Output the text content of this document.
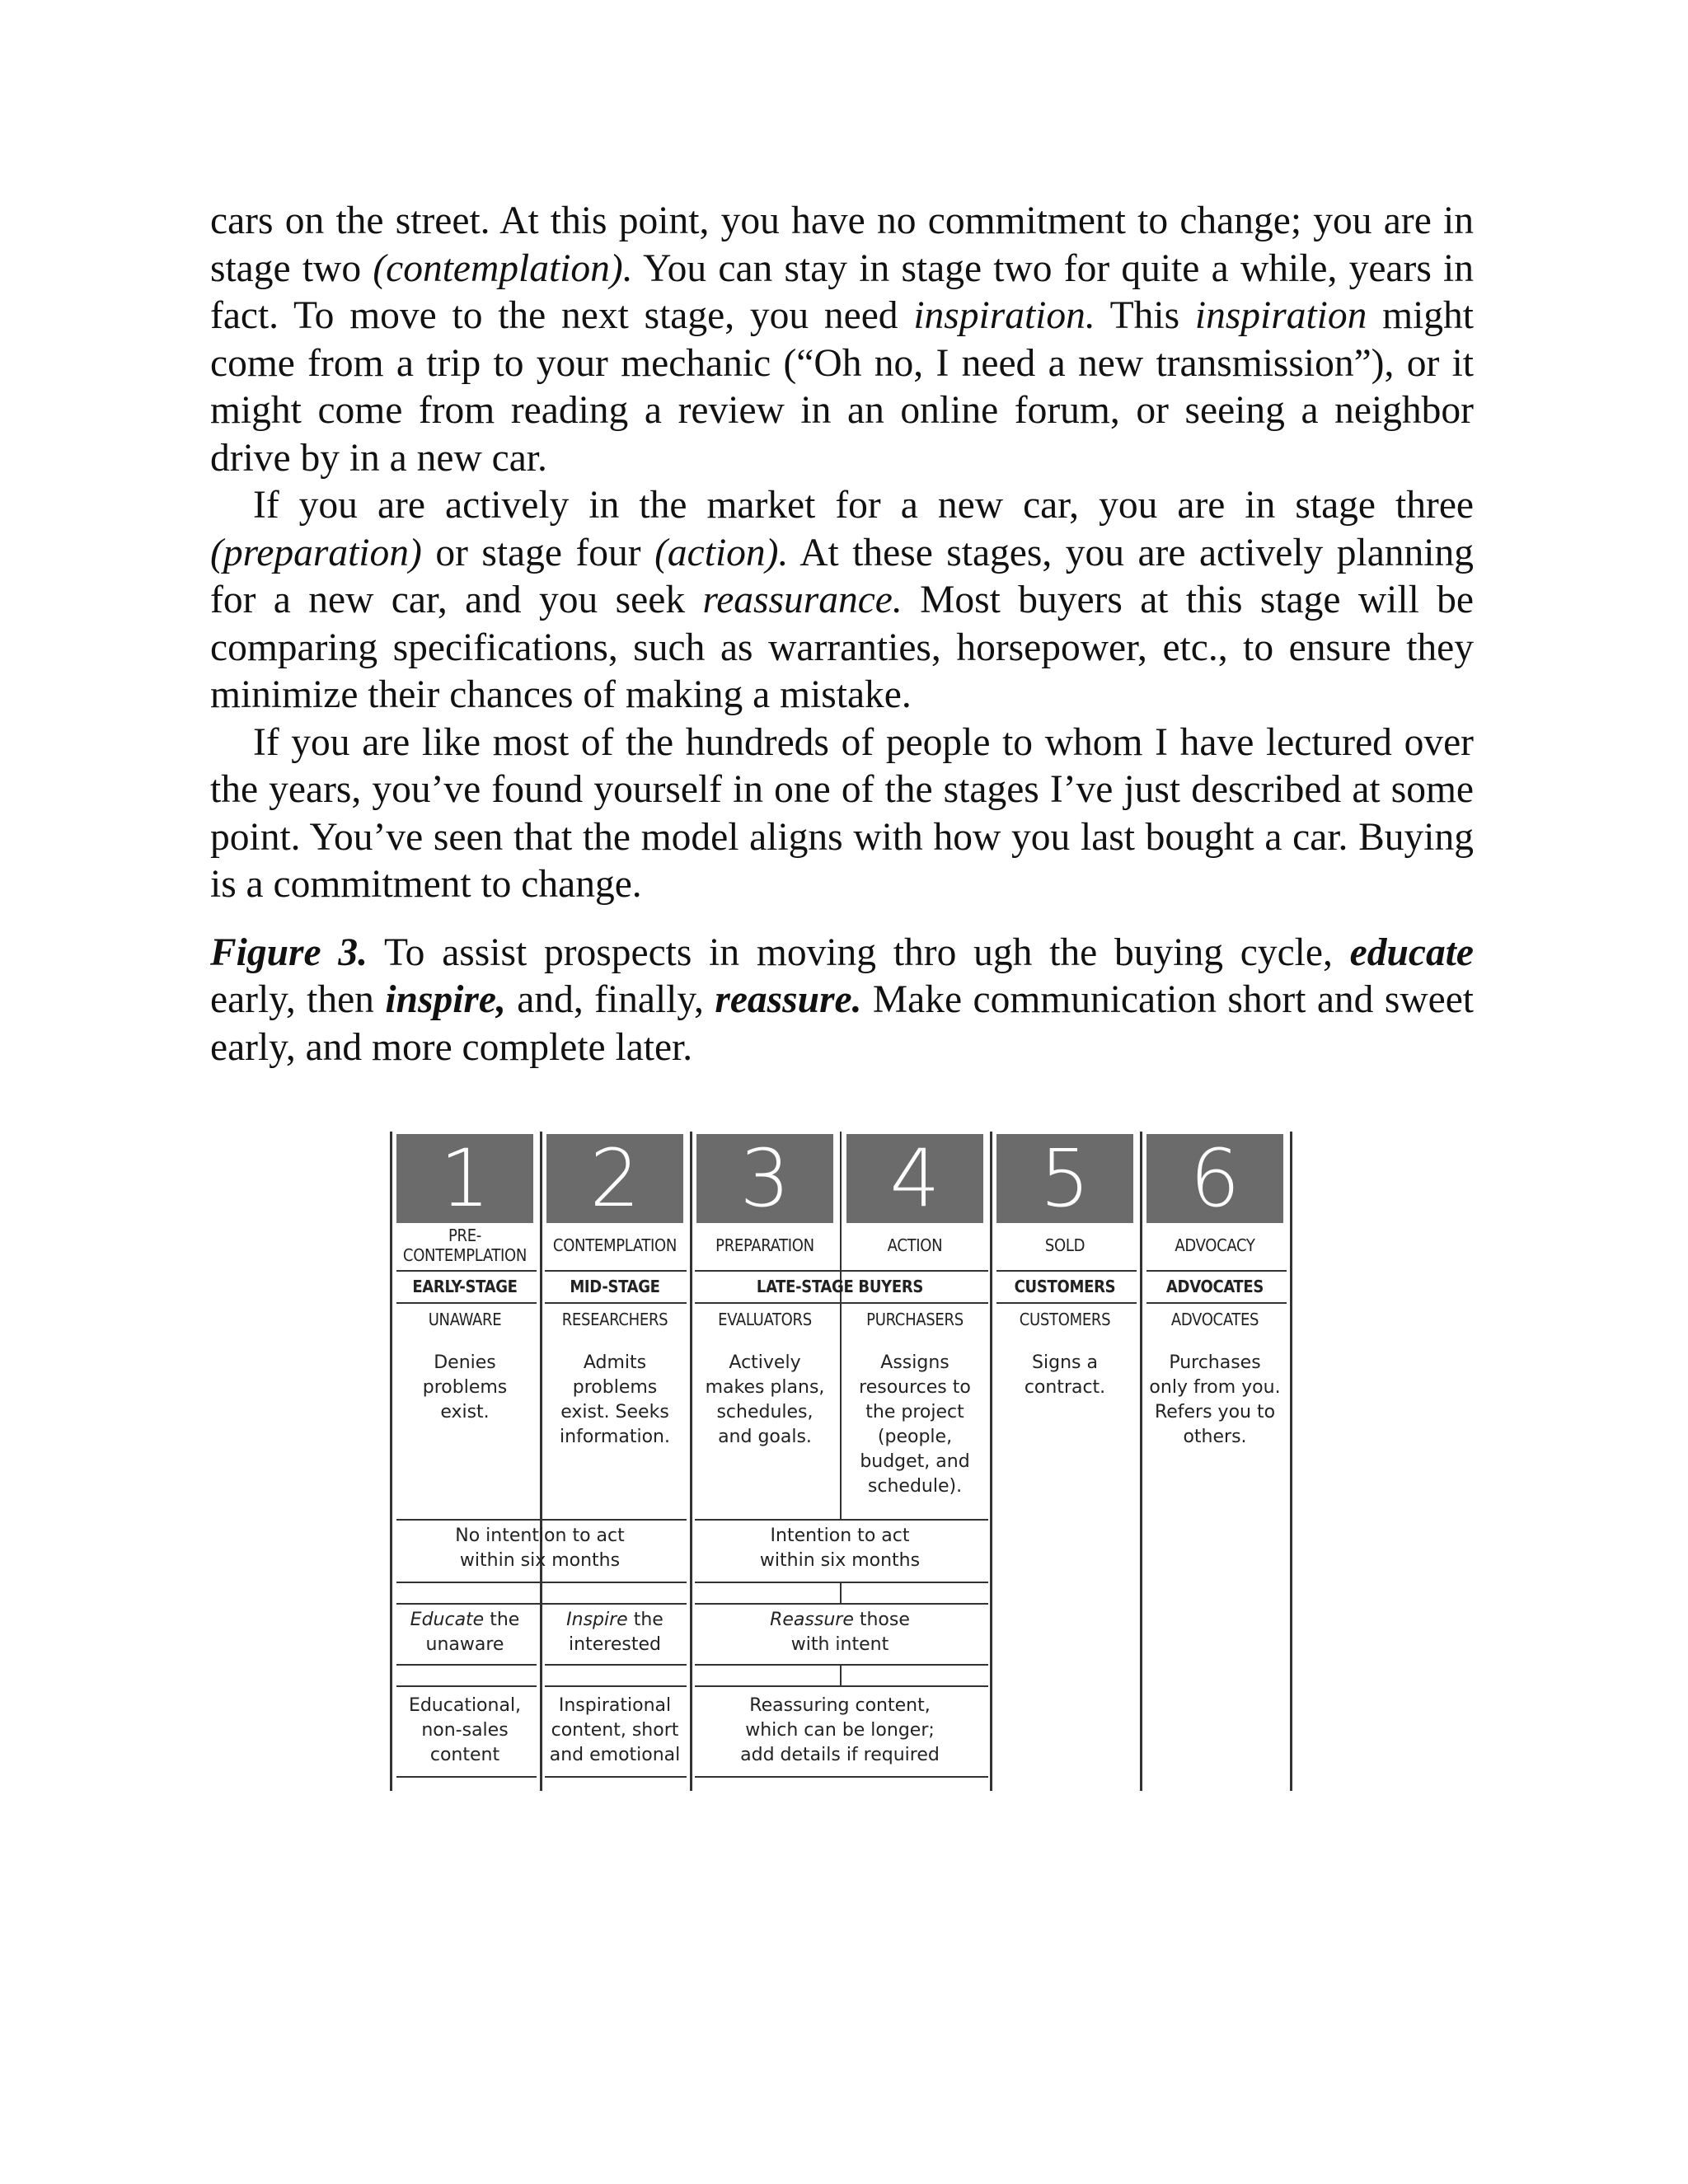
cars on the street. At this point, you have no commitment to change; you are in stage two (contemplation). You can stay in stage two for quite a while, years in fact. To move to the next stage, you need inspiration. This inspiration might come from a trip to your mechanic (“Oh no, I need a new transmission”), or it might come from reading a review in an online forum, or seeing a neighbor drive by in a new car.

If you are actively in the market for a new car, you are in stage three (preparation) or stage four (action). At these stages, you are actively planning for a new car, and you seek reassurance. Most buyers at this stage will be comparing specifications, such as warranties, horsepower, etc., to ensure they minimize their chances of making a mistake.

If you are like most of the hundreds of people to whom I have lectured over the years, you’ve found yourself in one of the stages I’ve just described at some point. You’ve seen that the model aligns with how you last bought a car. Buying is a commitment to change.

Figure 3. To assist prospects in moving thro ugh the buying cycle, educate early, then inspire, and, finally, reassure. Make communication short and sweet early, and more complete later.

1
PRE-
CONTEMPLATION
EARLY-STAGE
UNAWARE
Denies
problems
exist.
2
CONTEMPLATION
MID-STAGE
RESEARCHERS
Admits
problems
exist. Seeks
information.
3
PREPARATION
LATE-STAGE BUYERS
EVALUATORS
Actively
makes plans,
schedules,
and goals.
4
ACTION
PURCHASERS
Assigns
resources to
the project
(people,
budget, and
schedule).
5
SOLD
CUSTOMERS
CUSTOMERS
Signs a
contract.
6
ADVOCACY
ADVOCATES
ADVOCATES
Purchases
only from you.
Refers you to
others.
No intention to act
within six months
Intention to act
within six months
Educate the
unaware
Inspire the
interested
Reassure those
with intent
Educational,
non-sales
content
Inspirational
content, short
and emotional
Reassuring content,
which can be longer;
add details if required
